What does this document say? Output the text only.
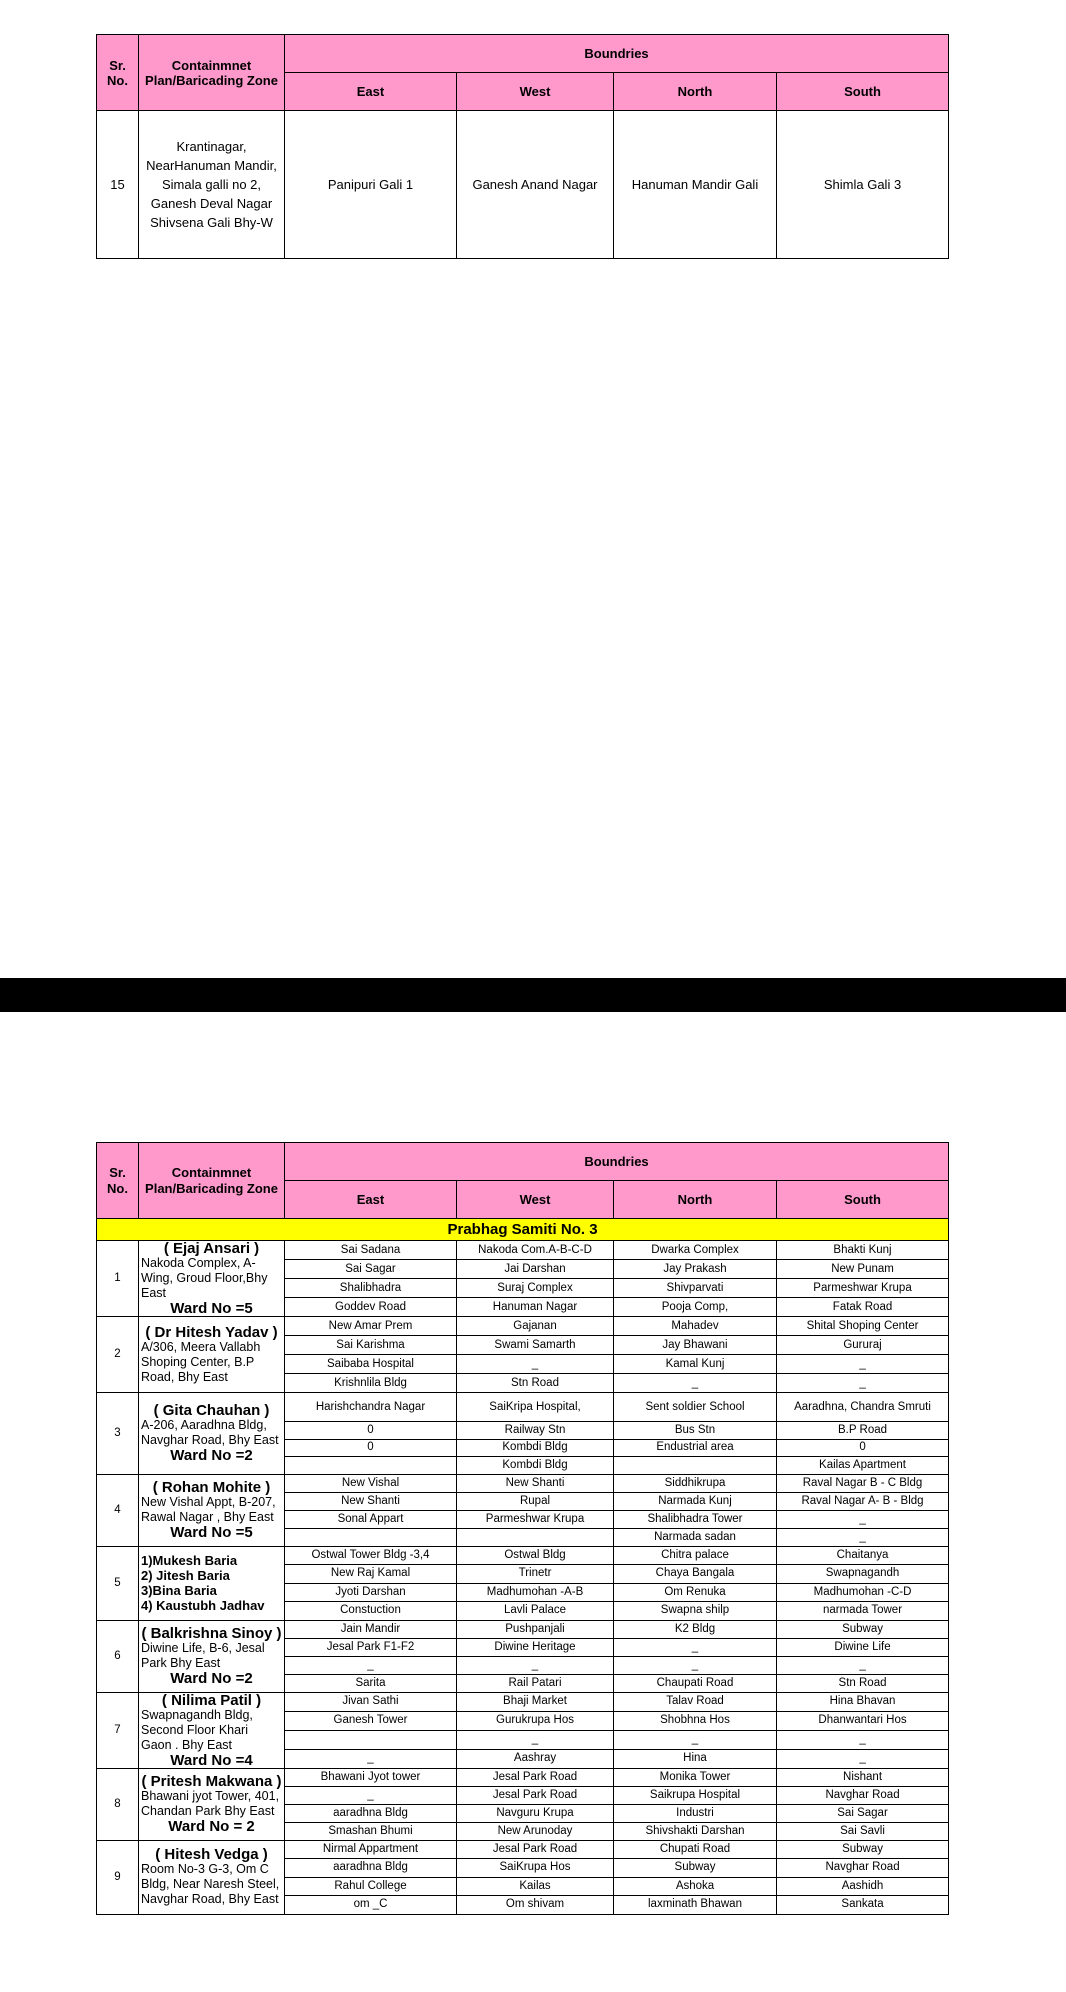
Sr. No.	Containmnet Plan/Baricading Zone	Boundries			
		East	West	North	South
15	Krantinagar,
NearHanuman Mandir,
Simala galli no 2,
Ganesh Deval Nagar
Shivsena Gali Bhy-W	Panipuri Gali 1	Ganesh Anand Nagar	Hanuman Mandir Gali	Shimla Gali 3
Sr. No.	Containmnet Plan/Baricading Zone	Boundries			
		East	West	North	South
Prabhag Samiti No. 3					
1	( Ejaj Ansari )
Nakoda Complex, A-Wing, Groud Floor,Bhy East
Ward No =5	Sai Sadana	Nakoda Com.A-B-C-D	Dwarka Complex	Bhakti Kunj
		Sai Sagar	Jai Darshan	Jay Prakash	New Punam
		Shalibhadra	Suraj Complex	Shivparvati	Parmeshwar Krupa
		Goddev Road	Hanuman Nagar	Pooja Comp,	Fatak Road
2	( Dr Hitesh Yadav )
A/306, Meera Vallabh Shoping Center, B.P Road, Bhy East	New Amar Prem	Gajanan	Mahadev	Shital Shoping Center
		Sai Karishma	Swami Samarth	Jay Bhawani	Gururaj
		Saibaba Hospital	_	Kamal Kunj	_
		Krishnlila Bldg	Stn Road	_	_
3	( Gita Chauhan )
A-206, Aaradhna Bldg, Navghar Road, Bhy East
Ward No =2	Harishchandra Nagar	SaiKripa Hospital,	Sent soldier School	Aaradhna, Chandra Smruti
		0	Railway Stn	Bus Stn	B.P Road
		0	Kombdi Bldg	Endustrial area	0
			Kombdi Bldg		Kailas Apartment
4	( Rohan Mohite )
New Vishal Appt, B-207, Rawal Nagar , Bhy East
Ward No =5	New Vishal	New Shanti	Siddhikrupa	Raval Nagar B - C Bldg
		New Shanti	Rupal	Narmada Kunj	Raval Nagar A- B - Bldg
		Sonal Appart	Parmeshwar Krupa	Shalibhadra Tower	_
				Narmada sadan	_
5	1)Mukesh Baria
2) Jitesh Baria
3)Bina Baria
4) Kaustubh Jadhav	Ostwal Tower Bldg -3,4	Ostwal Bldg	Chitra palace	Chaitanya
		New Raj Kamal	Trinetr	Chaya Bangala	Swapnagandh
		Jyoti Darshan	Madhumohan -A-B	Om Renuka	Madhumohan -C-D
		Constuction	Lavli Palace	Swapna shilp	narmada Tower
6	( Balkrishna Sinoy )
Diwine Life, B-6, Jesal Park Bhy East
Ward No =2	Jain Mandir	Pushpanjali	K2 Bldg	Subway
		Jesal Park F1-F2	Diwine Heritage	_	Diwine Life
		_	_	_	_
		Sarita	Rail Patari	Chaupati Road	Stn Road
7	( Nilima Patil )
Swapnagandh Bldg, Second Floor Khari Gaon . Bhy East
Ward No =4	Jivan Sathi	Bhaji Market	Talav Road	Hina Bhavan
		Ganesh Tower	Gurukrupa Hos	Shobhna Hos	Dhanwantari Hos
			_	_	_
		_	Aashray	Hina	_
8	( Pritesh Makwana )
Bhawani jyot Tower, 401, Chandan Park Bhy East
Ward No = 2	Bhawani Jyot tower	Jesal Park Road	Monika Tower	Nishant
		_	Jesal Park Road	Saikrupa Hospital	Navghar Road
		aaradhna Bldg	Navguru Krupa	Industri	Sai Sagar
		Smashan Bhumi	New Arunoday	Shivshakti Darshan	Sai Savli
9	( Hitesh Vedga )
Room No-3 G-3, Om C Bldg, Near Naresh Steel, Navghar Road, Bhy East	Nirmal Appartment	Jesal Park Road	Chupati Road	Subway
		aaradhna Bldg	SaiKrupa Hos	Subway	Navghar Road
		Rahul College	Kailas	Ashoka	Aashidh
		om _C	Om shivam	laxminath Bhawan	Sankata
